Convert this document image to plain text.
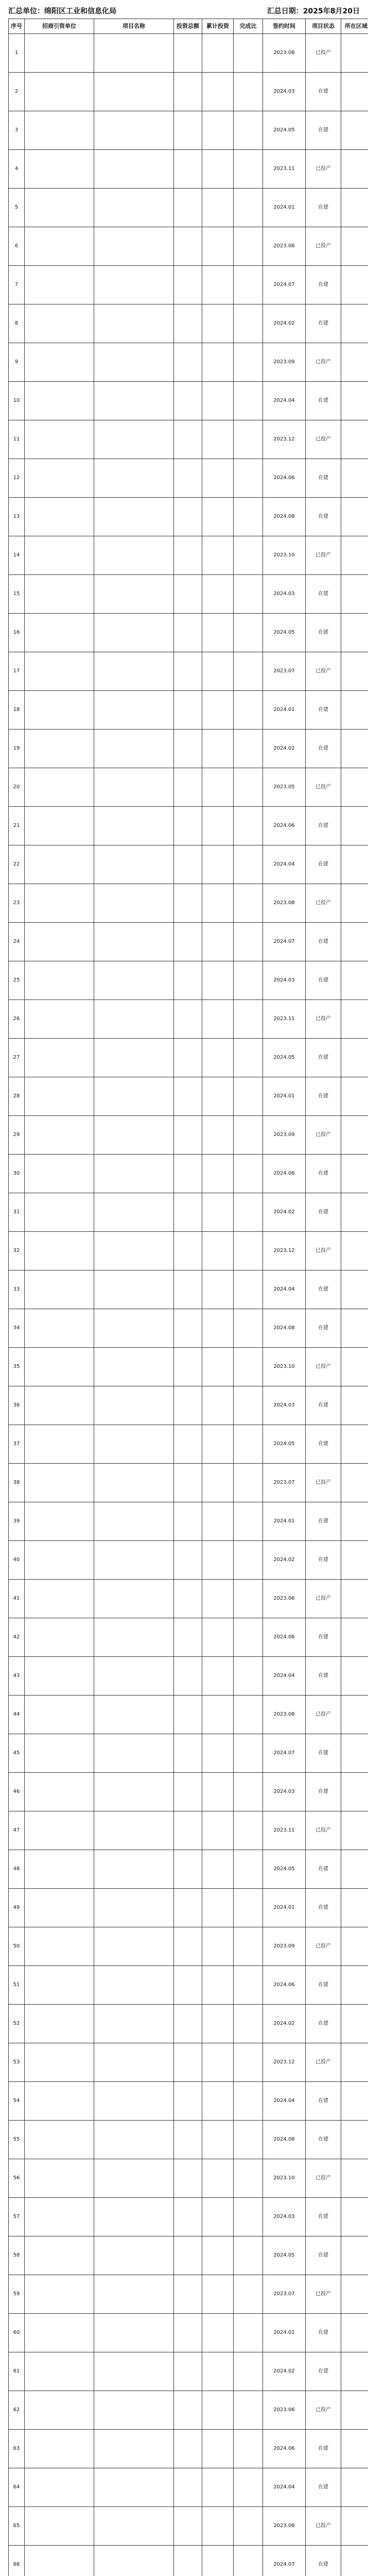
汇总单位：绵阳区工业和信息化局	汇总日期：2025年8月20日
序号	招商引资单位	项目名称	投资总额	累计投资	完成比	签约时间	项目状态	所在区域
1						2023.08	已投产	
2						2024.03	在建	
3						2024.05	在建	
4						2023.11	已投产	
5						2024.01	在建	
6						2023.06	已投产	
7						2024.07	在建	
8						2024.02	在建	
9						2023.09	已投产	
10						2024.04	在建	
11						2023.12	已投产	
12						2024.06	在建	
13						2024.08	在建	
14						2023.10	已投产	
15						2024.03	在建	
16						2024.05	在建	
17						2023.07	已投产	
18						2024.01	在建	
19						2024.02	在建	
20						2023.05	已投产	
21						2024.06	在建	
22						2024.04	在建	
23						2023.08	已投产	
24						2024.07	在建	
25						2024.03	在建	
26						2023.11	已投产	
27						2024.05	在建	
28						2024.01	在建	
29						2023.09	已投产	
30						2024.06	在建	
31						2024.02	在建	
32						2023.12	已投产	
33						2024.04	在建	
34						2024.08	在建	
35						2023.10	已投产	
36						2024.03	在建	
37						2024.05	在建	
38						2023.07	已投产	
39						2024.01	在建	
40						2024.02	在建	
41						2023.06	已投产	
42						2024.06	在建	
43						2024.04	在建	
44						2023.08	已投产	
45						2024.07	在建	
46						2024.03	在建	
47						2023.11	已投产	
48						2024.05	在建	
49						2024.01	在建	
50						2023.09	已投产	
51						2024.06	在建	
52						2024.02	在建	
53						2023.12	已投产	
54						2024.04	在建	
55						2024.08	在建	
56						2023.10	已投产	
57						2024.03	在建	
58						2024.05	在建	
59						2023.07	已投产	
60						2024.01	在建	
61						2024.02	在建	
62						2023.06	已投产	
63						2024.06	在建	
64						2024.04	在建	
65						2023.08	已投产	
66						2024.07	在建	
